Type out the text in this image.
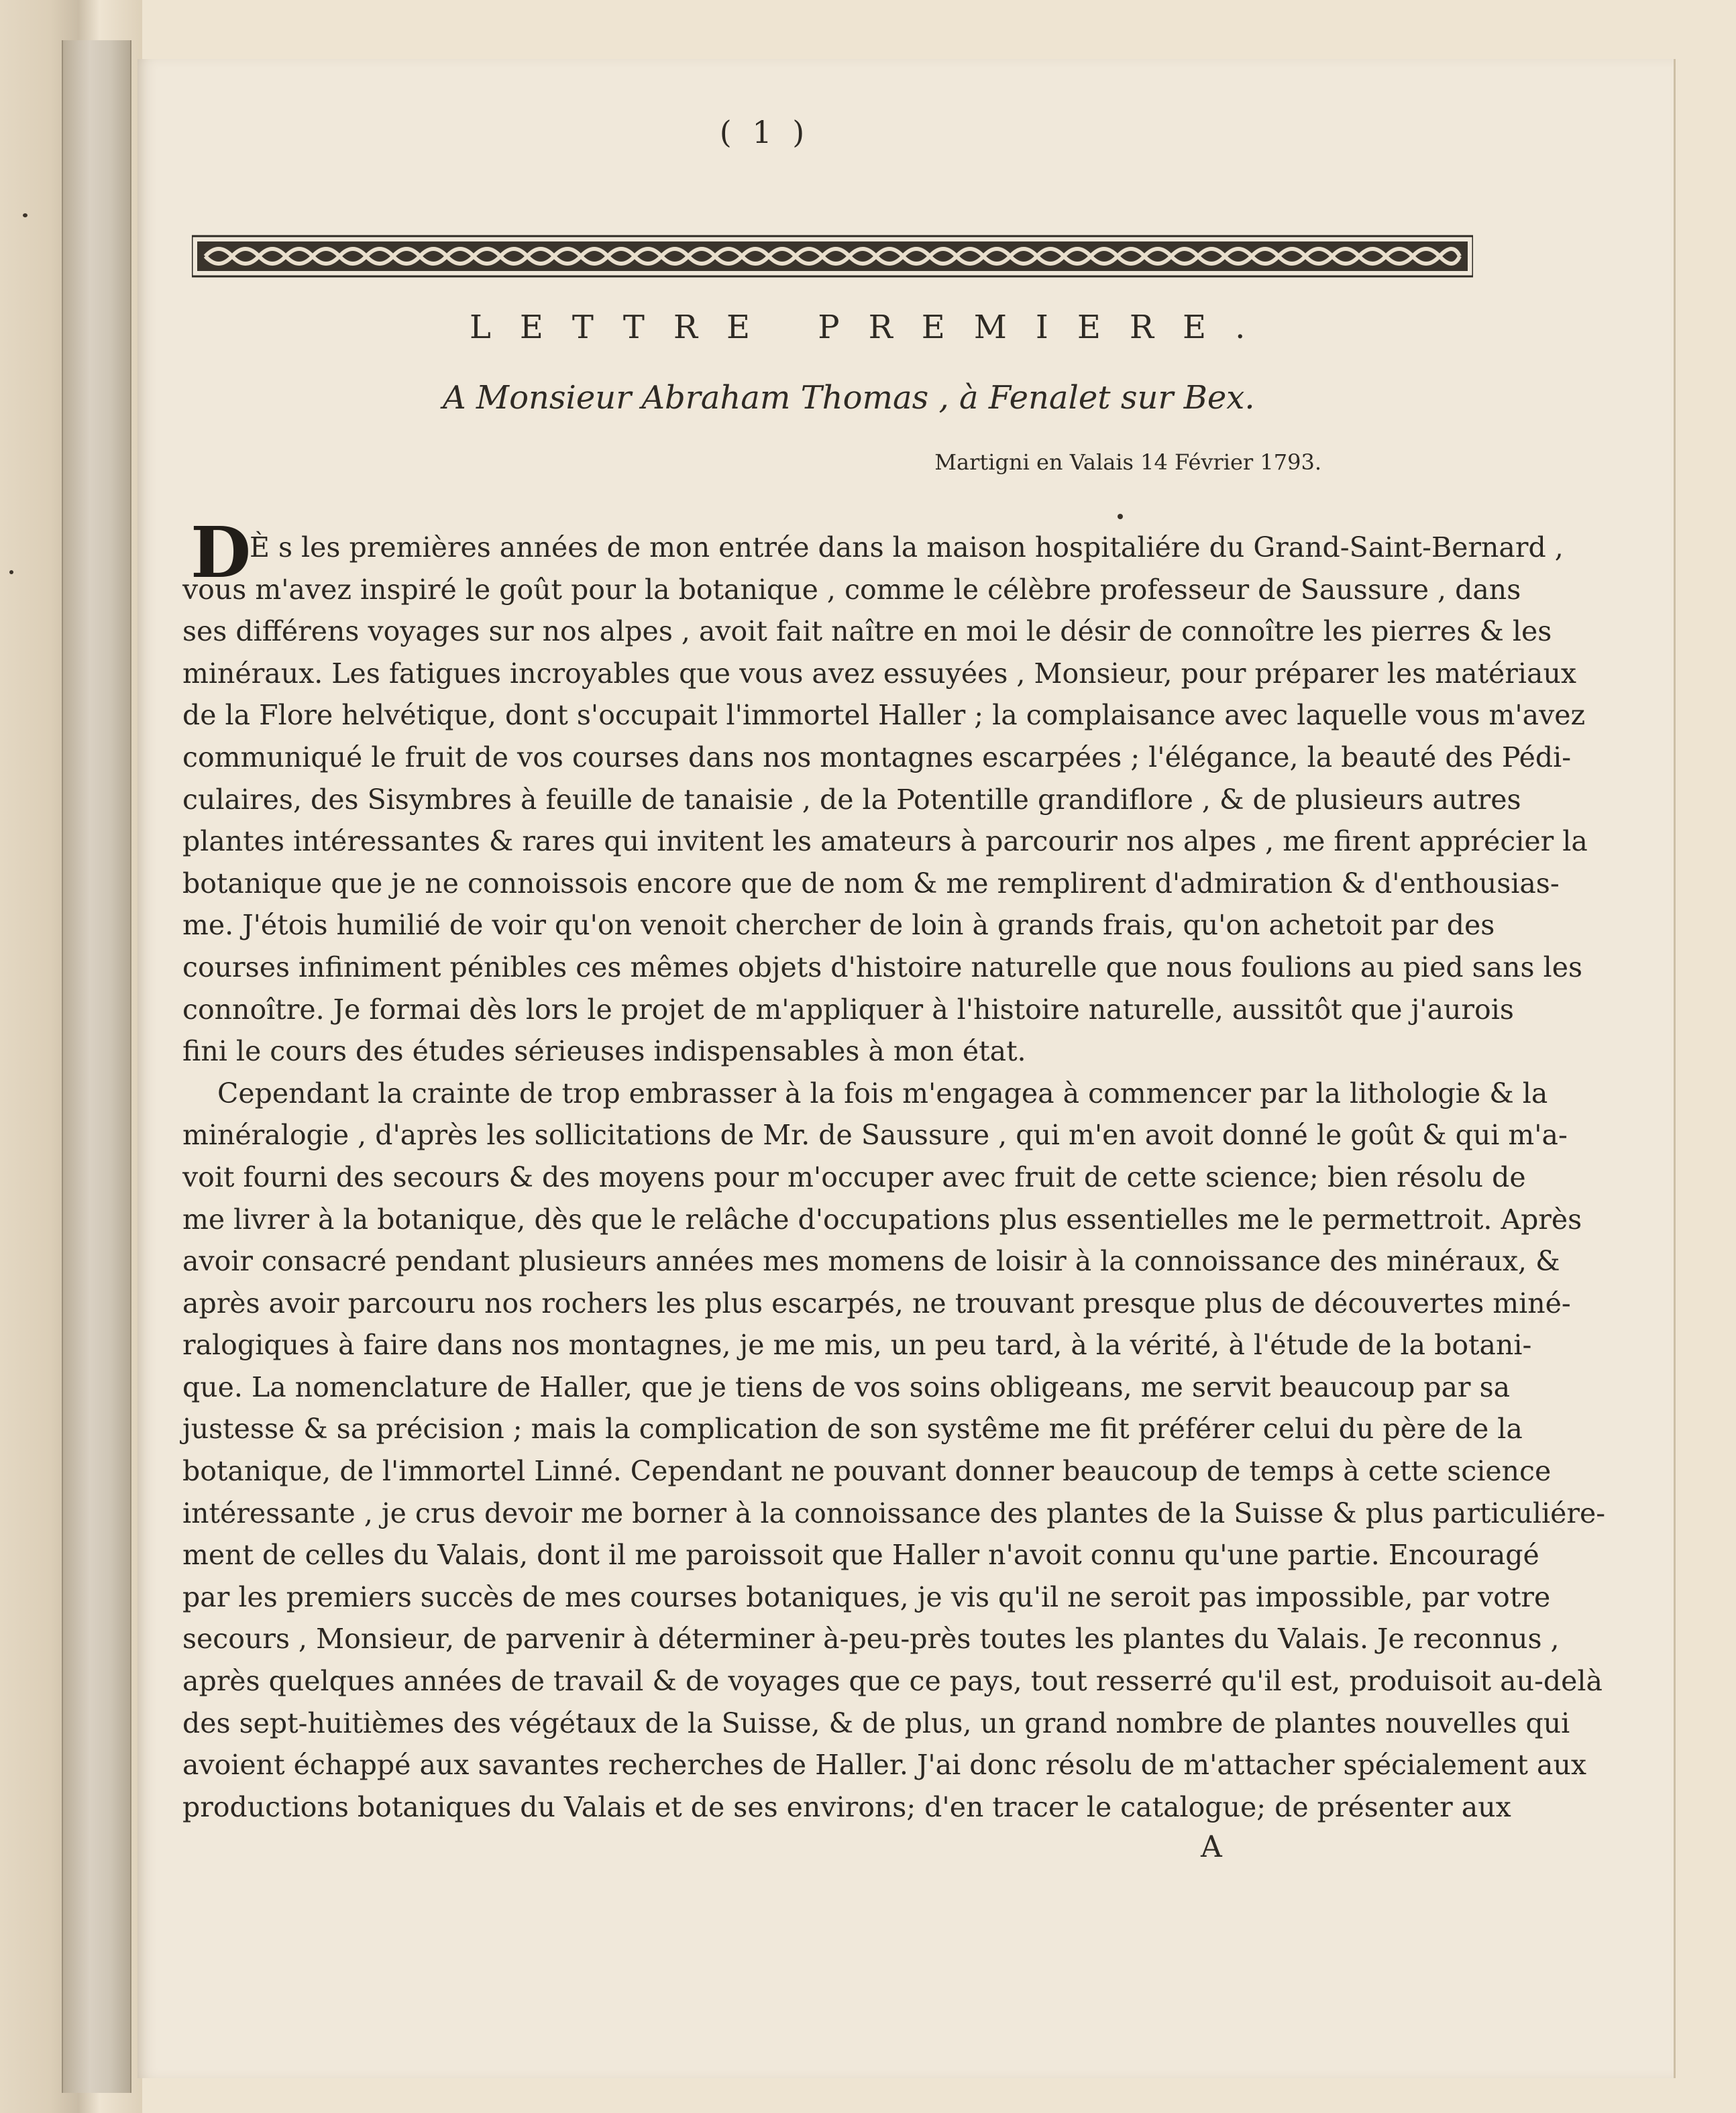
( 1 )
LETTRE PREMIERE.
A Monsieur Abraham Thomas , à Fenalet sur Bex.
Martigni en Valais 14 Février 1793.
D
È s les premières années de mon entrée dans la maison hospitaliére du Grand-Saint-Bernard ,
vous m'avez inspiré le goût pour la botanique , comme le célèbre professeur de Saussure , dans
ses différens voyages sur nos alpes , avoit fait naître en moi le désir de connoître les pierres & les
minéraux. Les fatigues incroyables que vous avez essuyées , Monsieur, pour préparer les matériaux
de la Flore helvétique, dont s'occupait l'immortel Haller ; la complaisance avec laquelle vous m'avez
communiqué le fruit de vos courses dans nos montagnes escarpées ; l'élégance, la beauté des Pédi-
culaires, des Sisymbres à feuille de tanaisie , de la Potentille grandiflore , & de plusieurs autres
plantes intéressantes & rares qui invitent les amateurs à parcourir nos alpes , me firent apprécier la
botanique que je ne connoissois encore que de nom & me remplirent d'admiration & d'enthousias-
me. J'étois humilié de voir qu'on venoit chercher de loin à grands frais, qu'on achetoit par des
courses infiniment pénibles ces mêmes objets d'histoire naturelle que nous foulions au pied sans les
connoître. Je formai dès lors le projet de m'appliquer à l'histoire naturelle, aussitôt que j'aurois
fini le cours des études sérieuses indispensables à mon état.
Cependant la crainte de trop embrasser à la fois m'engagea à commencer par la lithologie & la
minéralogie , d'après les sollicitations de Mr. de Saussure , qui m'en avoit donné le goût & qui m'a-
voit fourni des secours & des moyens pour m'occuper avec fruit de cette science; bien résolu de
me livrer à la botanique, dès que le relâche d'occupations plus essentielles me le permettroit. Après
avoir consacré pendant plusieurs années mes momens de loisir à la connoissance des minéraux, &
après avoir parcouru nos rochers les plus escarpés, ne trouvant presque plus de découvertes miné-
ralogiques à faire dans nos montagnes, je me mis, un peu tard, à la vérité, à l'étude de la botani-
que. La nomenclature de Haller, que je tiens de vos soins obligeans, me servit beaucoup par sa
justesse & sa précision ; mais la complication de son systême me fit préférer celui du père de la
botanique, de l'immortel Linné. Cependant ne pouvant donner beaucoup de temps à cette science
intéressante , je crus devoir me borner à la connoissance des plantes de la Suisse & plus particuliére-
ment de celles du Valais, dont il me paroissoit que Haller n'avoit connu qu'une partie. Encouragé
par les premiers succès de mes courses botaniques, je vis qu'il ne seroit pas impossible, par votre
secours , Monsieur, de parvenir à déterminer à-peu-près toutes les plantes du Valais. Je reconnus ,
après quelques années de travail & de voyages que ce pays, tout resserré qu'il est, produisoit au-delà
des sept-huitièmes des végétaux de la Suisse, & de plus, un grand nombre de plantes nouvelles qui
avoient échappé aux savantes recherches de Haller. J'ai donc résolu de m'attacher spécialement aux
productions botaniques du Valais et de ses environs; d'en tracer le catalogue; de présenter aux
A
